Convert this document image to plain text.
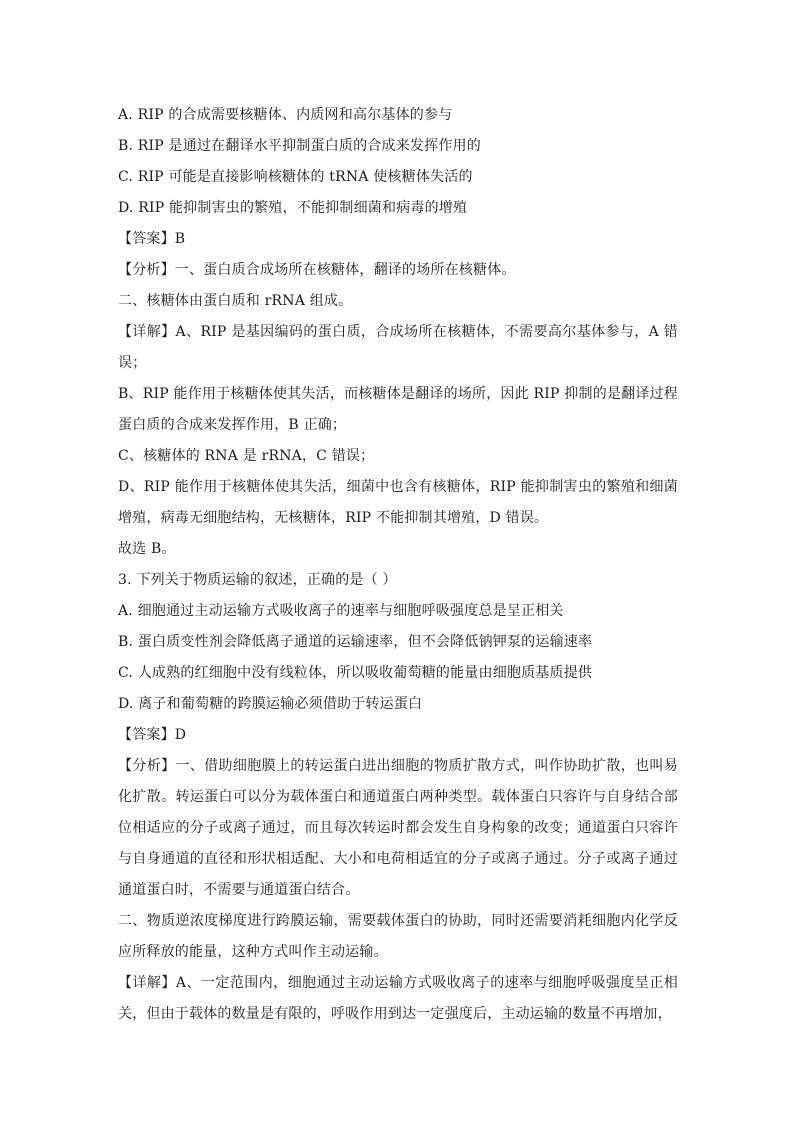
A. RIP 的合成需要核糖体、内质网和高尔基体的参与
B. RIP 是通过在翻译水平抑制蛋白质的合成来发挥作用的
C. RIP 可能是直接影响核糖体的 tRNA 使核糖体失活的
D. RIP 能抑制害虫的繁殖，不能抑制细菌和病毒的增殖
【答案】B
【分析】一、蛋白质合成场所在核糖体，翻译的场所在核糖体。
二、核糖体由蛋白质和 rRNA 组成。
【详解】A、RIP 是基因编码的蛋白质，合成场所在核糖体，不需要高尔基体参与，A 错误；
B、RIP 能作用于核糖体使其失活，而核糖体是翻译的场所，因此 RIP 抑制的是翻译过程蛋白质的合成来发挥作用，B 正确；
C、核糖体的 RNA 是 rRNA，C 错误；
D、RIP 能作用于核糖体使其失活，细菌中也含有核糖体，RIP 能抑制害虫的繁殖和细菌增殖，病毒无细胞结构，无核糖体，RIP 不能抑制其增殖，D 错误。
故选 B。
3. 下列关于物质运输的叙述，正确的是（ ）
A. 细胞通过主动运输方式吸收离子的速率与细胞呼吸强度总是呈正相关
B. 蛋白质变性剂会降低离子通道的运输速率，但不会降低钠钾泵的运输速率
C. 人成熟的红细胞中没有线粒体，所以吸收葡萄糖的能量由细胞质基质提供
D. 离子和葡萄糖的跨膜运输必须借助于转运蛋白
【答案】D
【分析】一、借助细胞膜上的转运蛋白进出细胞的物质扩散方式，叫作协助扩散，也叫易化扩散。转运蛋白可以分为载体蛋白和通道蛋白两种类型。载体蛋白只容许与自身结合部位相适应的分子或离子通过，而且每次转运时都会发生自身构象的改变；通道蛋白只容许与自身通道的直径和形状相适配、大小和电荷相适宜的分子或离子通过。分子或离子通过通道蛋白时，不需要与通道蛋白结合。
二、物质逆浓度梯度进行跨膜运输，需要载体蛋白的协助，同时还需要消耗细胞内化学反应所释放的能量，这种方式叫作主动运输。
【详解】A、一定范围内，细胞通过主动运输方式吸收离子的速率与细胞呼吸强度呈正相关，但由于载体的数量是有限的，呼吸作用到达一定强度后，主动运输的数量不再增加，
